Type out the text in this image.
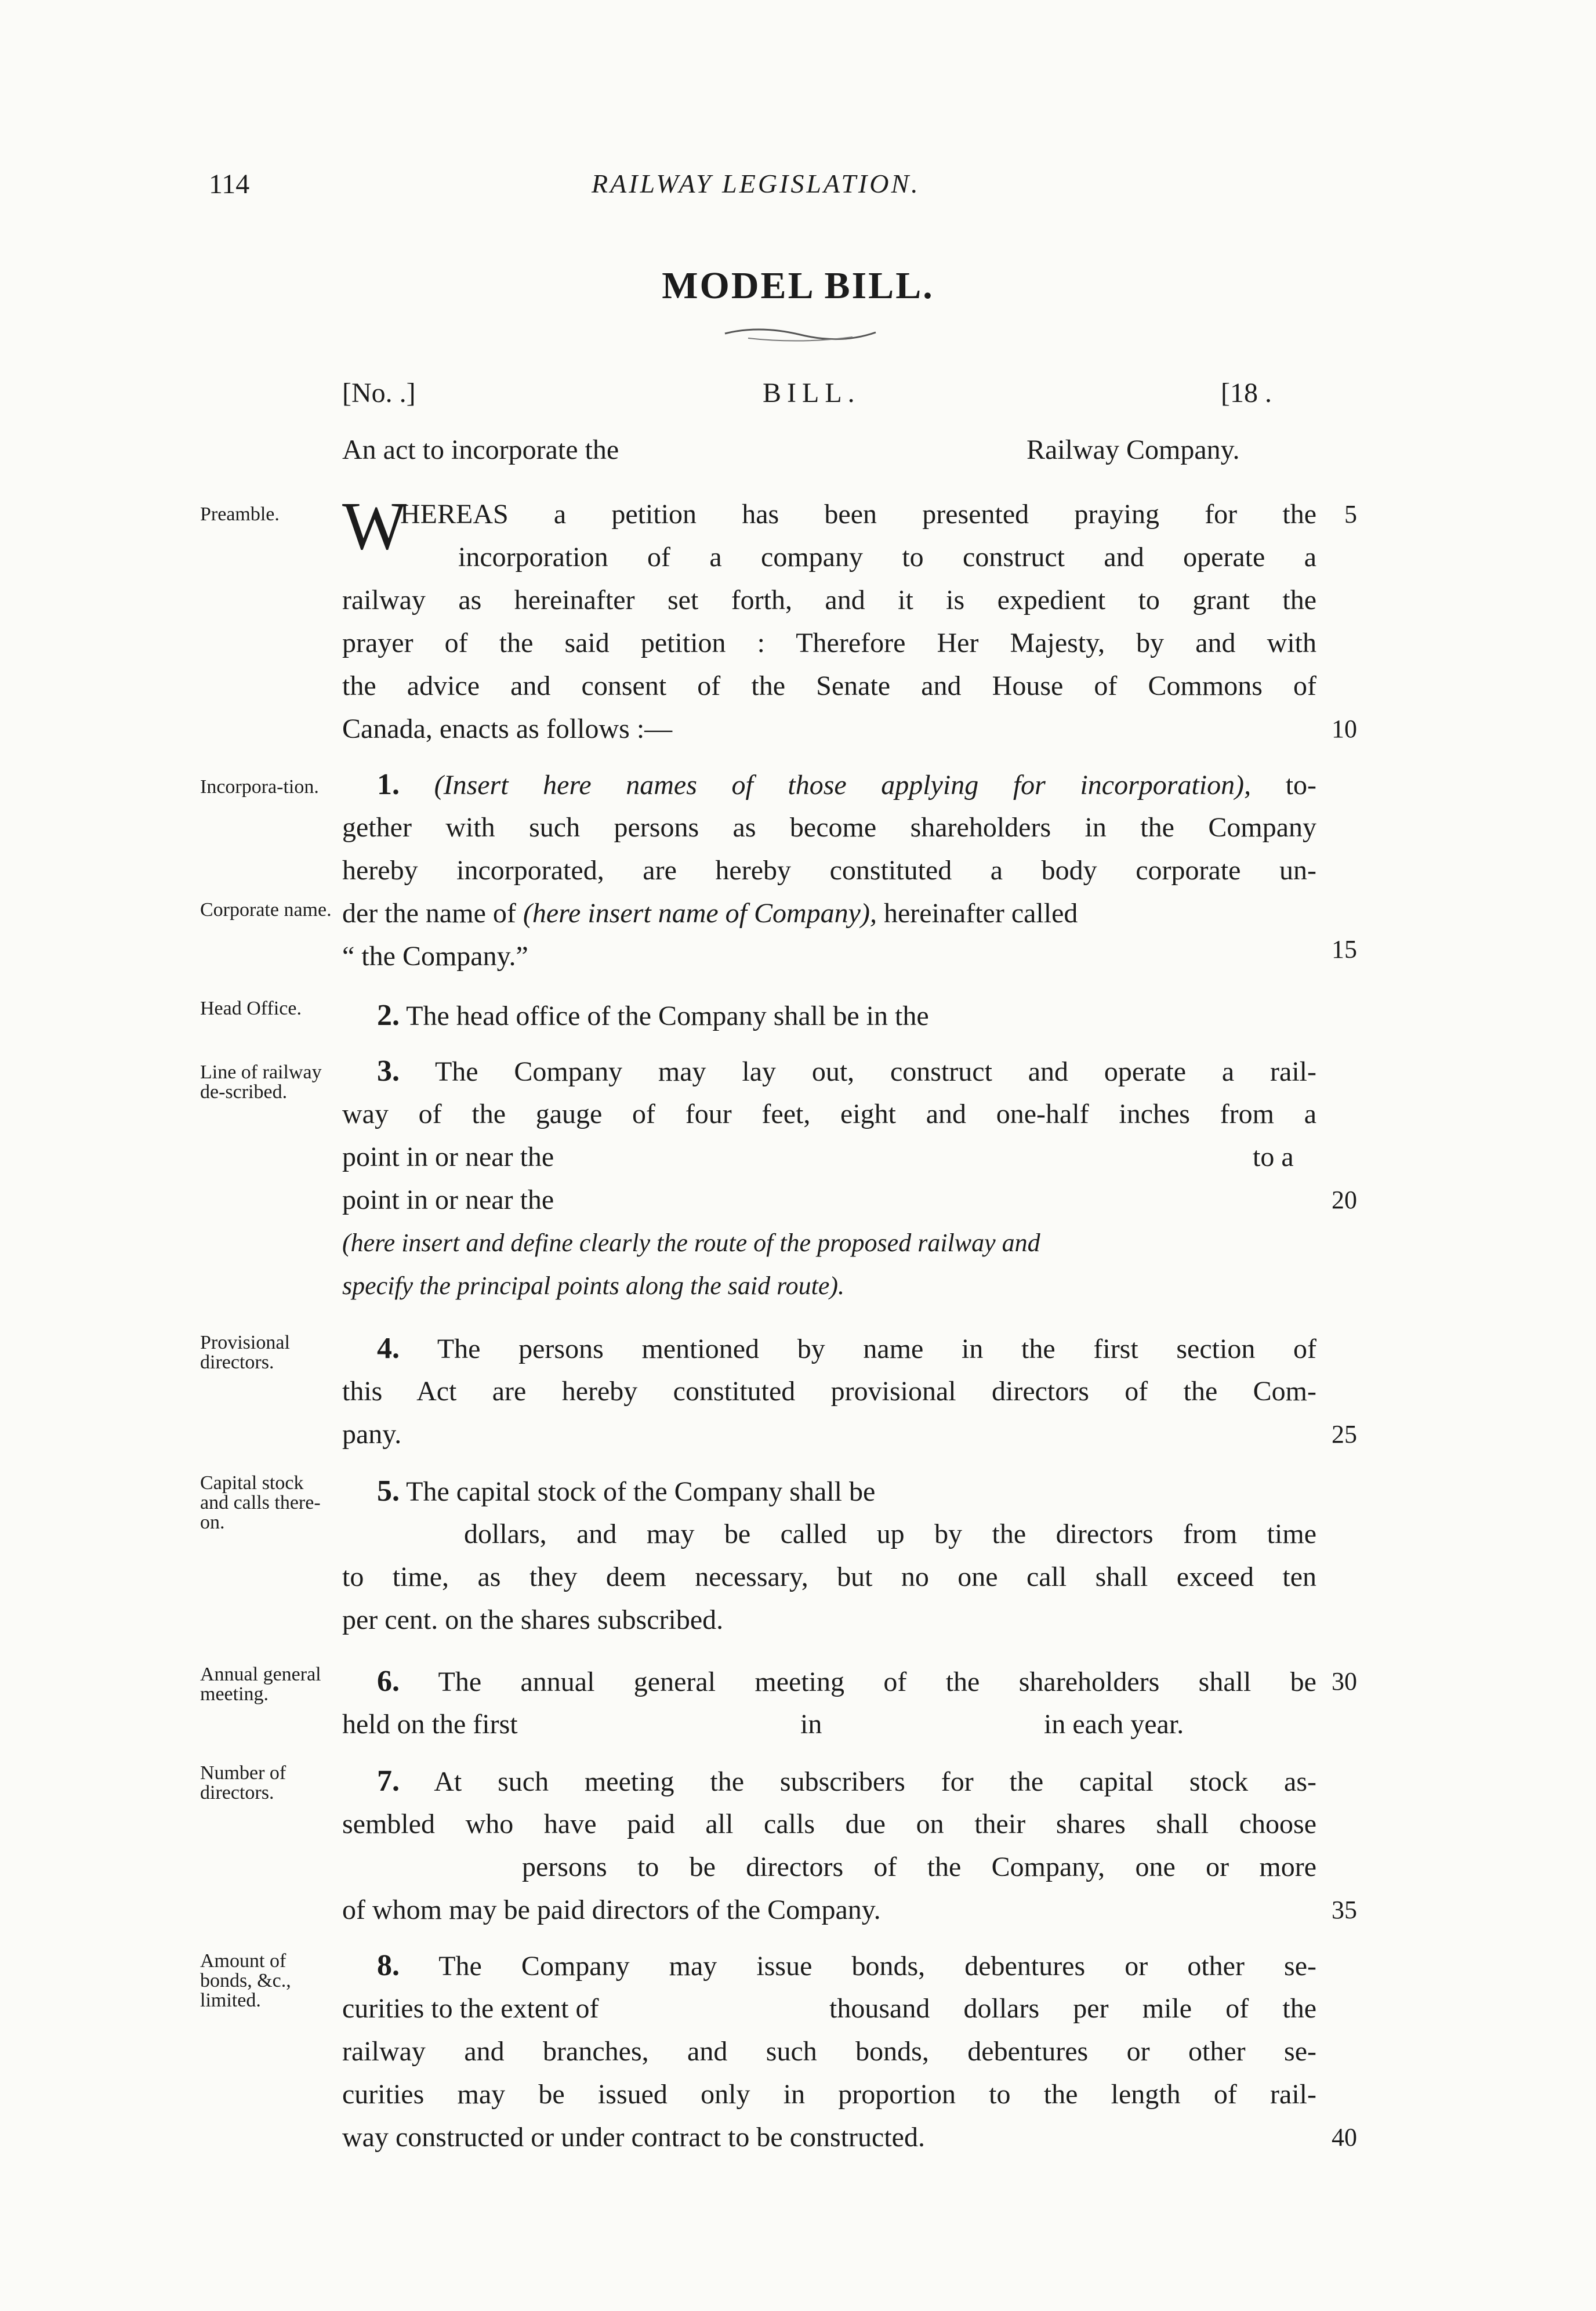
114	RAILWAY LEGISLATION.
MODEL BILL.
[No. .]	BILL.	[18 .
An act to incorporate the	Railway Company.
Preamble. W
HEREAS a petition has been presented praying for the	5
incorporation of a company to construct and operate a
railway as hereinafter set forth, and it is expedient to grant the
prayer of the said petition : Therefore Her Majesty, by and with
the advice and consent of the Senate and House of Commons of
Canada, enacts as follows :—	10
Incorpora-tion.	1. (Insert here names of those applying for incorporation), to-
gether with such persons as become shareholders in the Company
hereby incorporated, are hereby constituted a body corporate un-
Corporate name. der the name of (here insert name of Company), hereinafter called
“ the Company.”	15
Head Office.	2. The head office of the Company shall be in the
Line of railway de-scribed.
3. The Company may lay out, construct and operate a rail-
way of the gauge of four feet, eight and one-half inches from a
point in or near the	to a
point in or near the	20
(here insert and define clearly the route of the proposed railway and
specify the principal points along the said route).
Provisional directors.	4. The persons mentioned by name in the first section of
this Act are hereby constituted provisional directors of the Com-
pany.	25
Capital stock and calls there-on.
5. The capital stock of the Company shall be
dollars, and may be called up by the directors from time
to time, as they deem necessary, but no one call shall exceed ten
per cent. on the shares subscribed.
Annual general meeting.	6. The annual general meeting of the shareholders shall be 30
held on the first	in	in each year.
Number of directors.	7. At such meeting the subscribers for the capital stock as-
sembled who have paid all calls due on their shares shall choose
persons to be directors of the Company, one or more
of whom may be paid directors of the Company.	35
Amount of bonds, &c., limited.
8. The Company may issue bonds, debentures or other se-
curities to the extent of	thousand dollars per mile of the
railway and branches, and such bonds, debentures or other se-
curities may be issued only in proportion to the length of rail-
way constructed or under contract to be constructed.	40
